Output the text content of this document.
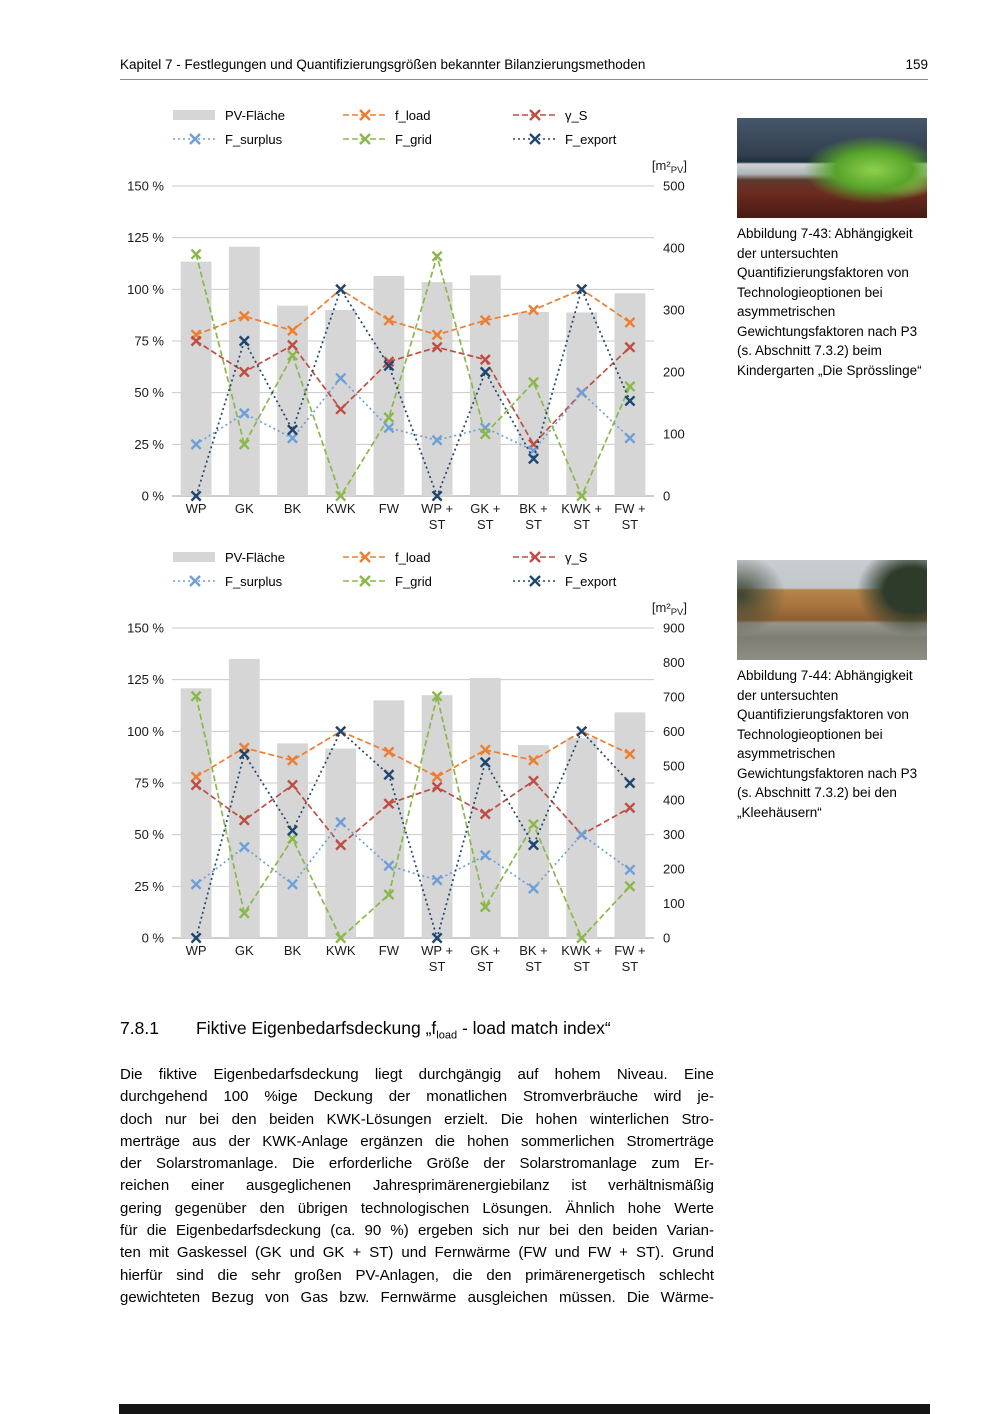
Kapitel 7 - Festlegungen und Quantifizierungsgrößen bekannter Bilanzierungsmethoden	159
PV-Fläche	f_load	γ_S
F_surplus	F_grid	F_export
0 %
25 %
50 %
75 %
100 %
125 %
150 %
0
100
200
300
400
500
$[m^2_{PV}]$
WP GK BK KWK FW WP + ST
GK + ST
BK + ST
KWK + ST
FW + ST
Abbildung 7-43: Abhängigkeit der untersuchten Quantifizierungsfaktoren von Technologieoptionen bei asymmetrischen Gewichtungsfaktoren nach P3 (s. Abschnitt 7.3.2) beim Kindergarten „Die Sprösslinge“
PV-Fläche	f_load	γ_S
F_surplus	F_grid	F_export
0 %
25 %
50 %
75 %
100 %
125 %
150 %
0
100
200
300
400
500
600
700
800
900
$[m^2_{PV}]$
WP GK BK KWK FW WP + ST
GK + ST
BK + ST
KWK + ST
FW + ST
Abbildung 7-44: Abhängigkeit der untersuchten Quantifizierungsfaktoren von Technologieoptionen bei asymmetrischen Gewichtungsfaktoren nach P3 (s. Abschnitt 7.3.2) bei den „Kleehäusern“
7.8.1	Fiktive Eigenbedarfsdeckung $„f_{load}$ - load match index“
Die fiktive Eigenbedarfsdeckung liegt durchgängig auf hohem Niveau. Eine
durchgehend 100 %ige Deckung der monatlichen Stromverbräuche wird je-
doch nur bei den beiden KWK-Lösungen erzielt. Die hohen winterlichen Stro-
merträge aus der KWK-Anlage ergänzen die hohen sommerlichen Stromerträge
der Solarstromanlage. Die erforderliche Größe der Solarstromanlage zum Er-
reichen einer ausgeglichenen Jahresprimärenergiebilanz ist verhältnismäßig
gering gegenüber den übrigen technologischen Lösungen. Ähnlich hohe Werte
für die Eigenbedarfsdeckung (ca. 90 %) ergeben sich nur bei den beiden Varian-
ten mit Gaskessel (GK und GK + ST) und Fernwärme (FW und FW + ST). Grund
hierfür sind die sehr großen PV-Anlagen, die den primärenergetisch schlecht
gewichteten Bezug von Gas bzw. Fernwärme ausgleichen müssen. Die Wärme-
